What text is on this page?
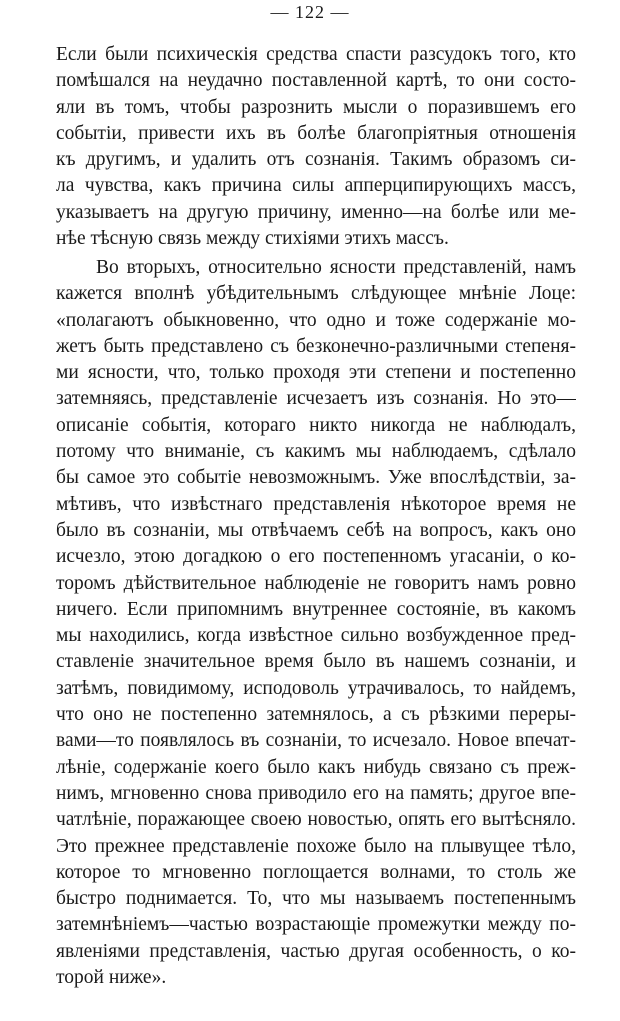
— 122 —
Если были психическія средства спасти разсудокъ того, кто
помѣшался на неудачно поставленной картѣ, то они состо-
яли въ томъ, чтобы разрознить мысли о поразившемъ его
событіи, привести ихъ въ болѣе благопріятныя отношенія
къ другимъ, и удалить отъ сознанія. Такимъ образомъ си-
ла чувства, какъ причина силы апперципирующихъ массъ,
указываетъ на другую причину, именно—на болѣе или ме-
нѣе тѣсную связь между стихіями этихъ массъ.
Во вторыхъ, относительно ясности представленій, намъ
кажется вполнѣ убѣдительнымъ слѣдующее мнѣніе Лоце:
«полагаютъ обыкновенно, что одно и тоже содержаніе мо-
жетъ быть представлено съ безконечно-различными степеня-
ми ясности, что, только проходя эти степени и постепенно
затемняясь, представленіе исчезаетъ изъ сознанія. Но это—
описаніе событія, котораго никто никогда не наблюдалъ,
потому что вниманіе, съ какимъ мы наблюдаемъ, сдѣлало
бы самое это событіе невозможнымъ. Уже впослѣдствіи, за-
мѣтивъ, что извѣстнаго представленія нѣкоторое время не
было въ сознаніи, мы отвѣчаемъ себѣ на вопросъ, какъ оно
исчезло, этою догадкою о его постепенномъ угасаніи, о ко-
торомъ дѣйствительное наблюденіе не говоритъ намъ ровно
ничего. Если припомнимъ внутреннее состояніе, въ какомъ
мы находились, когда извѣстное сильно возбужденное пред-
ставленіе значительное время было въ нашемъ сознаніи, и
затѣмъ, повидимому, исподоволь утрачивалось, то найдемъ,
что оно не постепенно затемнялось, а съ рѣзкими переры-
вами—то появлялось въ сознаніи, то исчезало. Новое впечат-
лѣніе, содержаніе коего было какъ нибудь связано съ преж-
нимъ, мгновенно снова приводило его на память; другое впе-
чатлѣніе, поражающее своею новостью, опять его вытѣсняло.
Это прежнее представленіе похоже было на плывущее тѣло,
которое то мгновенно поглощается волнами, то столь же
быстро поднимается. То, что мы называемъ постепеннымъ
затемнѣніемъ—частью возрастающіе промежутки между по-
явленіями представленія, частью другая особенность, о ко-
торой ниже».
